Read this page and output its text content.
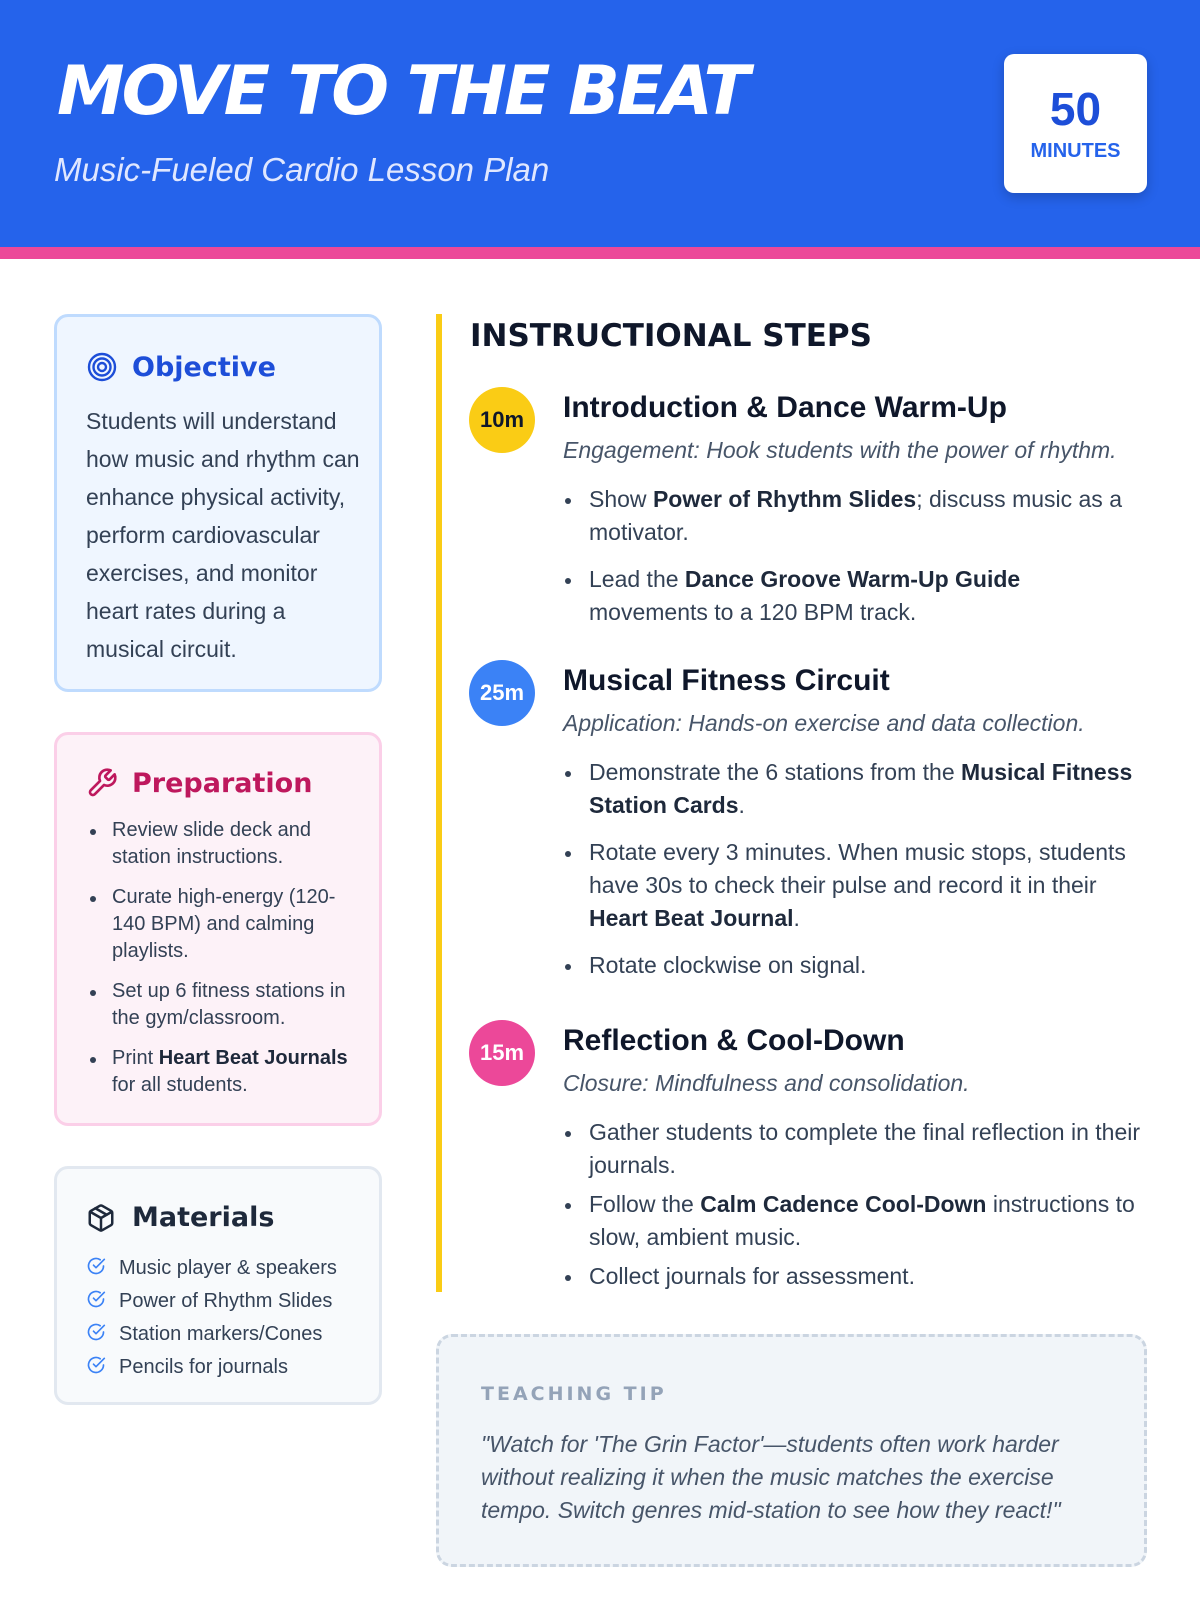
MOVE TO THE BEAT
Music-Fueled Cardio Lesson Plan
50
MINUTES
Objective
Students will understand how music and rhythm can enhance physical activity, perform cardiovascular exercises, and monitor heart rates during a musical circuit.
Preparation
Review slide deck and station instructions.
Curate high-energy (120-140 BPM) and calming playlists.
Set up 6 fitness stations in the gym/classroom.
Print Heart Beat Journals for all students.
Materials
Music player & speakers
Power of Rhythm Slides
Station markers/Cones
Pencils for journals
INSTRUCTIONAL STEPS
10m	Introduction & Dance Warm-Up
Engagement: Hook students with the power of rhythm.
Show Power of Rhythm Slides; discuss music as a motivator.
Lead the Dance Groove Warm-Up Guide movements to a 120 BPM track.
25m	Musical Fitness Circuit
Application: Hands-on exercise and data collection.
Demonstrate the 6 stations from the Musical Fitness Station Cards.
Rotate every 3 minutes. When music stops, students have 30s to check their pulse and record it in their Heart Beat Journal.
Rotate clockwise on signal.
15m	Reflection & Cool-Down
Closure: Mindfulness and consolidation.
Gather students to complete the final reflection in their journals.
Follow the Calm Cadence Cool-Down instructions to slow, ambient music.
Collect journals for assessment.
TEACHING TIP
"Watch for 'The Grin Factor'—students often work harder without realizing it when the music matches the exercise tempo. Switch genres mid-station to see how they react!"
